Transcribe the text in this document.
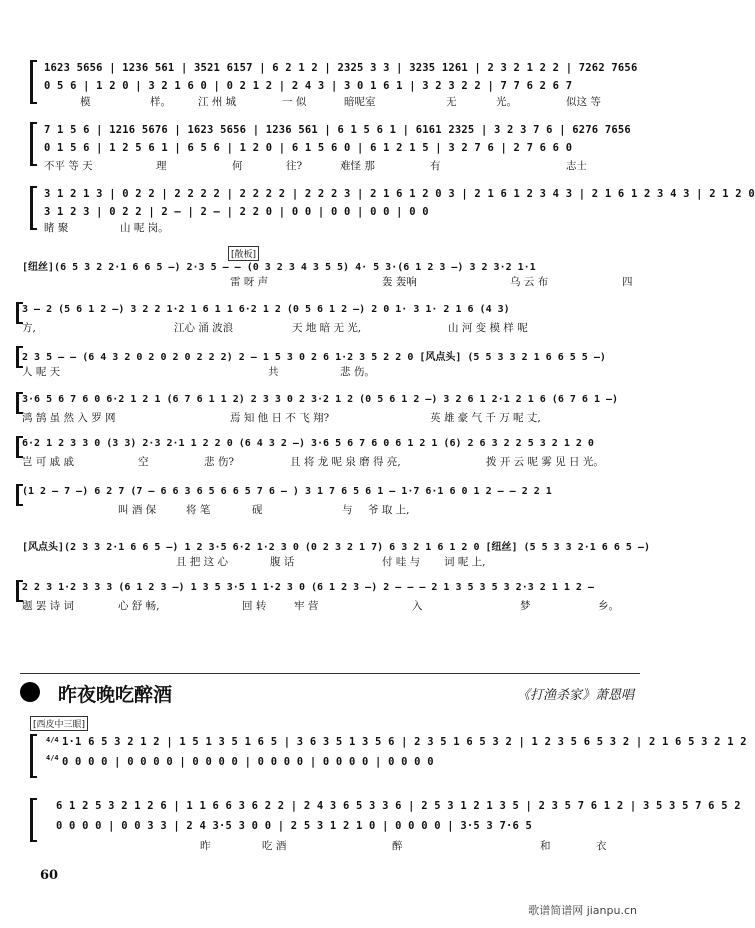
1623 5656 | 1236 561 | 3521 6157 | 6 2 1 2 | 2325 3 3 | 3235 1261 | 2 3 2 1 2 2 | 7262 7656
0 5 6 | 1 2 0 | 3 2 1 6 0 | 0 2 1 2 | 2 4 3 | 3 0 1 6 1 | 3 2 3 2 2 | 7 7 6 2 6 7
模	样。	江 州 城	一 似	暗呢室	无	光。	似这 等
7 1 5 6 | 1216 5676 | 1623 5656 | 1236 561 | 6 1 5 6 1 | 6161 2325 | 3 2 3 7 6 | 6276 7656
0 1 5 6 | 1 2 5 6 1 | 6 5 6 | 1 2 0 | 6 1 5 6 0 | 6 1 2 1 5 | 3 2 7 6 | 2 7 6 6 0
不平 等 天	理	何	往?	难怪 那	有	志士
3 1 2 1 3 | 0 2 2 | 2 2 2 2 | 2 2 2 2 | 2 2 2 3 | 2 1 6 1 2 0 3 | 2 1 6 1 2 3 4 3 | 2 1 6 1 2 3 4 3 | 2 1 2 0
3 1 2 3 | 0 2 2 | 2 — | 2 — | 2 2 0 | 0 0 | 0 0 | 0 0 | 0 0
睹 聚	山 呢 岗。
[散板]
[纽丝](6 5 3 2 2·1 6 6 5 —) 2·3 5 — — (0 3 2 3 4 3 5 5) 4· 5 3·(6 1 2 3 —) 3 2 3·2 1·1
雷 呀 声	轰 轰响	乌 云 布	四
3 — 2 (5 6 1 2 —) 3 2 2 1·2 1 6 1 1 6·2 1 2 (0 5 6 1 2 —) 2 0 1· 3 1· 2 1 6 (4 3)
方,	江心 涌 波浪	天 地 暗 无 光,	山 河 变 模 样 呢
2 3 5 — — (6 4 3 2 0 2 0 2 0 2 2 2) 2 — 1 5 3 0 2 6 1·2 3 5 2 2 0 [风点头] (5 5 3 3 2 1 6 6 5 5 —)
人 呢 天	共	悲 伤。
3·6 5 6 7 6 0 6·2 1 2 1 (6 7 6 1 1 2) 2 3 3 0 2 3·2 1 2 (0 5 6 1 2 —) 3 2 6 1 2·1 2 1 6 (6 7 6 1 —)
鸿 鹄 虽 然 入 罗 网	焉 知 他 日 不 飞 翔?	英 雄 豪 气 千 万 呢 丈,
6·2 1 2 3 3 0 (3 3) 2·3 2·1 1 2 2 0 (6 4 3 2 —) 3·6 5 6 7 6 0 6 1 2 1 (6) 2 6 3 2 2 5 3 2 1 2 0
岂 可 戚 戚	空	悲 伤?	且 将 龙 呢 泉 磨 得 亮,	拨 开 云 呢 雾 见 日 光。
(1 2 — 7 —) 6 2 7 (7 — 6 6 3 6 5 6 6 5 7 6 — ) 3 1 7 6 5 6 1 — 1·7 6·1 6 0 1 2 — — 2 2 1
叫 酒 保	将 笔	砚	与 爷 取 上,
[风点头](2 3 3 2·1 6 6 5 —) 1 2 3·5 6·2 1·2 3 0 (0 2 3 2 1 7) 6 3 2 1 6 1 2 0 [纽丝] (5 5 3 3 2·1 6 6 5 —)
且 把 这 心	腹 话	付 哇 与 词 呢 上,
2 2 3 1·2 3 3 3 (6 1 2 3 —) 1 3 5 3·5 1 1·2 3 0 (6 1 2 3 —) 2 — — — 2 1 3 5 3 5 3 2·3 2 1 1 2 —
题 罢 诗 词	心 舒 畅,	回 转	牢 营	入	梦	乡。
昨夜晚吃醉酒	《打渔杀家》萧恩唱
[西皮中三眼]
4/4
4/4
1·1 6 5 3 2 1 2 | 1 5 1 3 5 1 6 5 | 3 6 3 5 1 3 5 6 | 2 3 5 1 6 5 3 2 | 1 2 3 5 6 5 3 2 | 2 1 6 5 3 2 1 2
0 0 0 0 | 0 0 0 0 | 0 0 0 0 | 0 0 0 0 | 0 0 0 0 | 0 0 0 0
6 1 2 5 3 2 1 2 6 | 1 1 6 6 3 6 2 2 | 2 4 3 6 5 3 3 6 | 2 5 3 1 2 1 3 5 | 2 3 5 7 6 1 2 | 3 5 3 5 7 6 5 2
0 0 0 0 | 0 0 3 3 | 2 4 3·5 3 0 0 | 2 5 3 1 2 1 0 | 0 0 0 0 | 3·5 3 7·6 5
昨	吃 酒	醉	和	衣
60
歌谱简谱网 jianpu.cn
